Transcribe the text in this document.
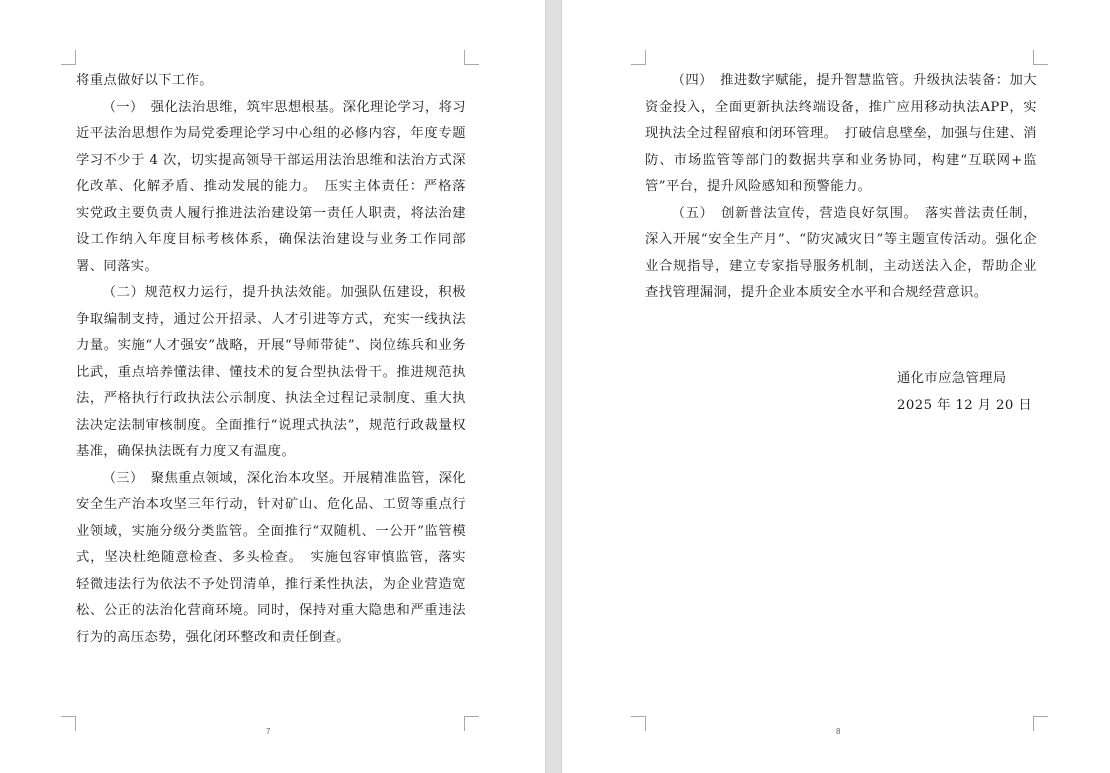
将重点做好以下工作。

（一）　强化法治思维，筑牢思想根基。深化理论学习，将习近平法治思想作为局党委理论学习中心组的必修内容，年度专题学习不少于 4 次，切实提高领导干部运用法治思维和法治方式深化改革、化解矛盾、推动发展的能力。　压实主体责任：严格落实党政主要负责人履行推进法治建设第一责任人职责，将法治建设工作纳入年度目标考核体系，确保法治建设与业务工作同部署、同落实。

（二）规范权力运行，提升执法效能。加强队伍建设，积极争取编制支持，通过公开招录、人才引进等方式，充实一线执法力量。实施“人才强安”战略，开展“导师带徒”、岗位练兵和业务比武，重点培养懂法律、懂技术的复合型执法骨干。推进规范执法，严格执行行政执法公示制度、执法全过程记录制度、重大执法决定法制审核制度。全面推行“说理式执法”，规范行政裁量权基准，确保执法既有力度又有温度。

（三）　聚焦重点领域，深化治本攻坚。开展精准监管，深化安全生产治本攻坚三年行动，针对矿山、危化品、工贸等重点行业领域，实施分级分类监管。全面推行“双随机、一公开”监管模式，坚决杜绝随意检查、多头检查。　实施包容审慎监管，落实轻微违法行为依法不予处罚清单，推行柔性执法，为企业营造宽松、公正的法治化营商环境。同时，保持对重大隐患和严重违法行为的高压态势，强化闭环整改和责任倒查。

7

（四）　推进数字赋能，提升智慧监管。升级执法装备：加大资金投入，全面更新执法终端设备，推广应用移动执法APP，实现执法全过程留痕和闭环管理。　打破信息壁垒，加强与住建、消防、市场监管等部门的数据共享和业务协同，构建“互联网+监管”平台，提升风险感知和预警能力。

（五）　创新普法宣传，营造良好氛围。　落实普法责任制，深入开展“安全生产月”、“防灾减灾日”等主题宣传活动。强化企业合规指导，建立专家指导服务机制，主动送法入企，帮助企业查找管理漏洞，提升企业本质安全水平和合规经营意识。

通化市应急管理局
2025 年 12 月 20 日
8
